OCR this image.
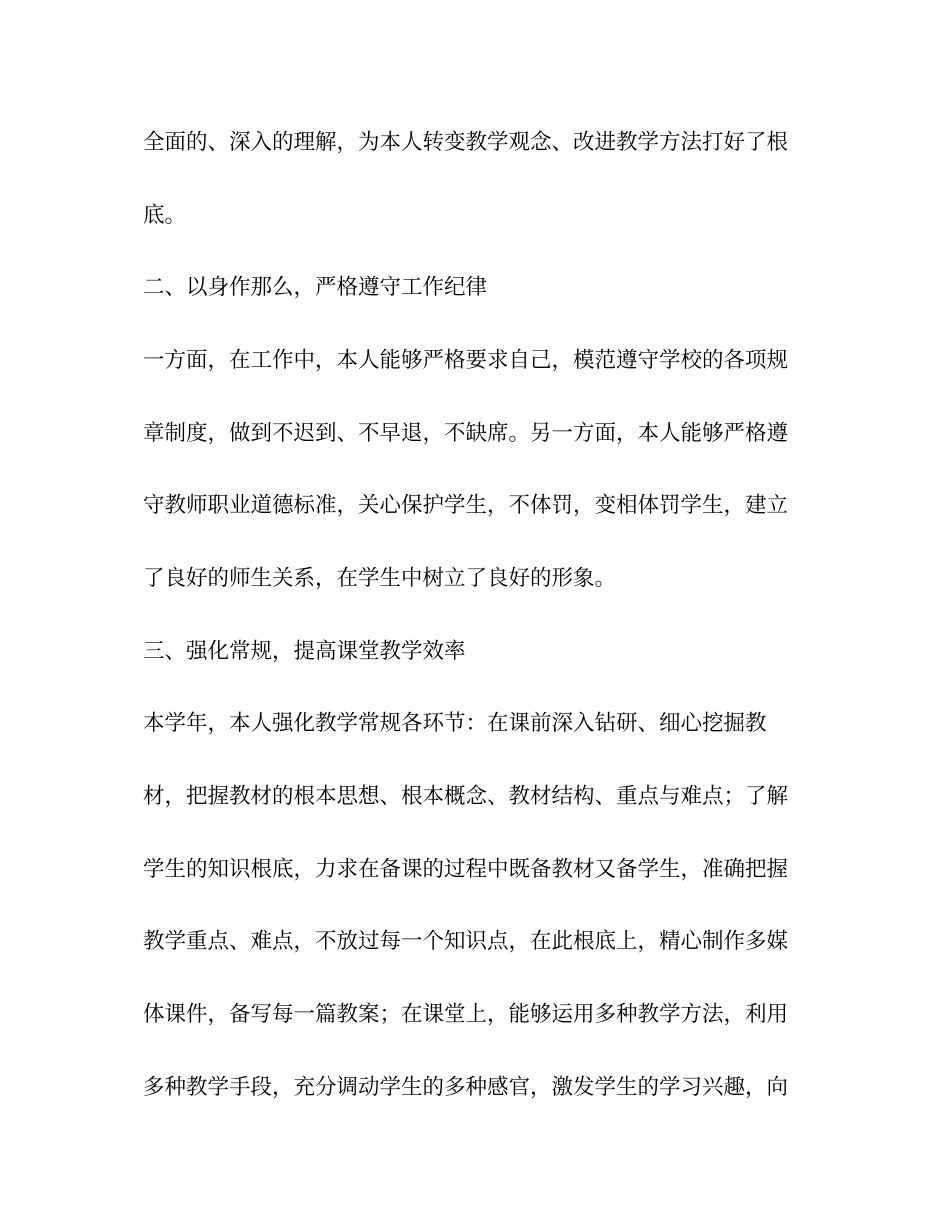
全面的、深入的理解，为本人转变教学观念、改进教学方法打好了根
底。
二、以身作那么，严格遵守工作纪律
一方面，在工作中，本人能够严格要求自己，模范遵守学校的各项规
章制度，做到不迟到、不早退，不缺席。另一方面，本人能够严格遵
守教师职业道德标准，关心保护学生，不体罚，变相体罚学生，建立
了良好的师生关系，在学生中树立了良好的形象。
三、强化常规，提高课堂教学效率
本学年，本人强化教学常规各环节：在课前深入钻研、细心挖掘教
材，把握教材的根本思想、根本概念、教材结构、重点与难点；了解
学生的知识根底，力求在备课的过程中既备教材又备学生，准确把握
教学重点、难点，不放过每一个知识点，在此根底上，精心制作多媒
体课件，备写每一篇教案；在课堂上，能够运用多种教学方法，利用
多种教学手段，充分调动学生的多种感官，激发学生的学习兴趣，向
